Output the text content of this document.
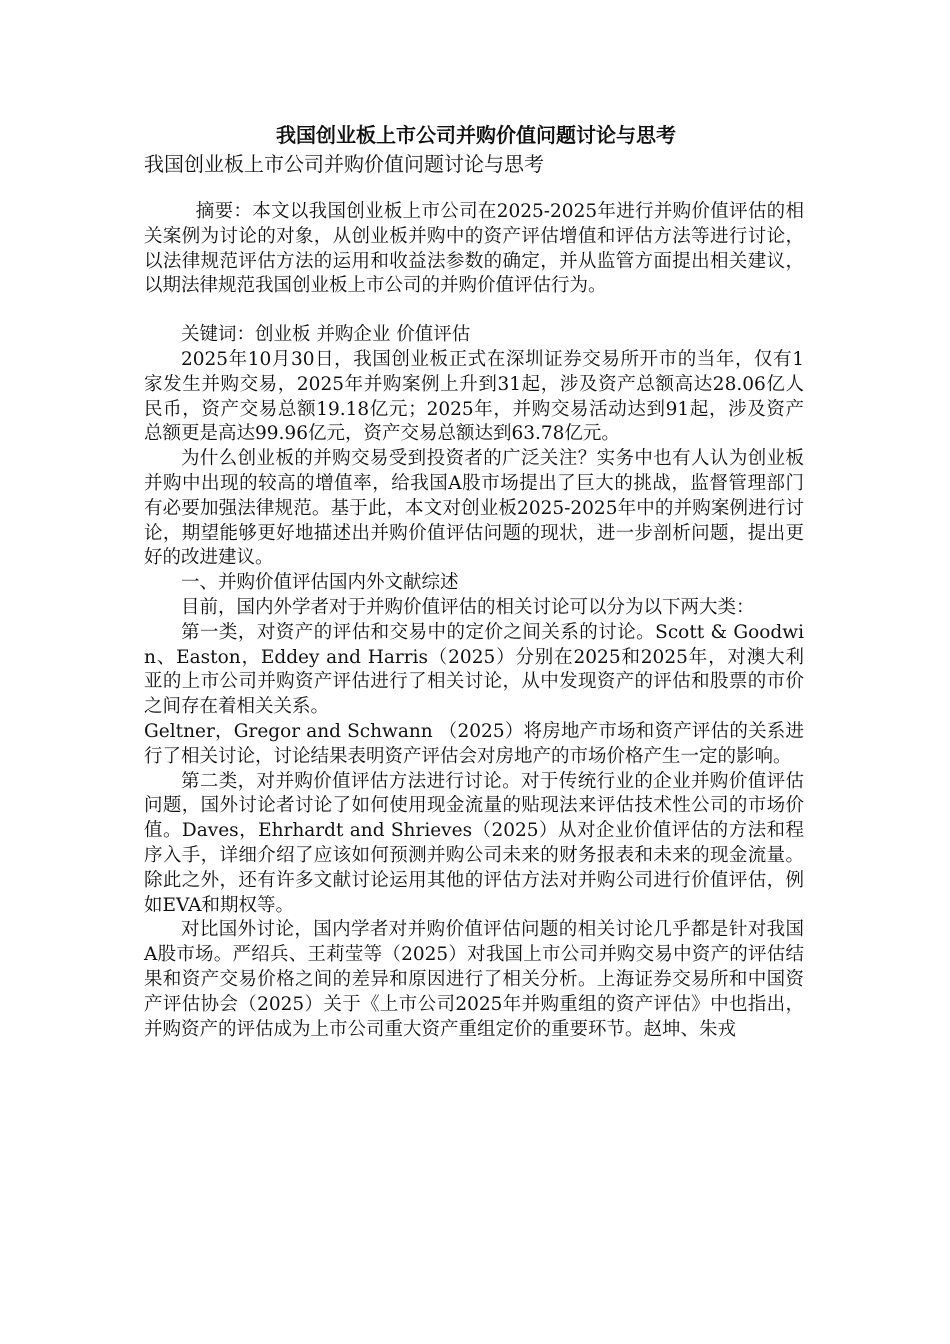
我国创业板上市公司并购价值问题讨论与思考

我国创业板上市公司并购价值问题讨论与思考

摘要：本文以我国创业板上市公司在2025-2025年进行并购价值评估的相关案例为讨论的对象，从创业板并购中的资产评估增值和评估方法等进行讨论，以法律规范评估方法的运用和收益法参数的确定，并从监管方面提出相关建议，以期法律规范我国创业板上市公司的并购价值评估行为。

关键词：创业板 并购企业 价值评估

2025年10月30日，我国创业板正式在深圳证券交易所开市的当年，仅有1家发生并购交易，2025年并购案例上升到31起，涉及资产总额高达28.06亿人民币，资产交易总额19.18亿元；2025年，并购交易活动达到91起，涉及资产总额更是高达99.96亿元，资产交易总额达到63.78亿元。

为什么创业板的并购交易受到投资者的广泛关注？实务中也有人认为创业板并购中出现的较高的增值率，给我国A股市场提出了巨大的挑战，监督管理部门有必要加强法律规范。基于此，本文对创业板2025-2025年中的并购案例进行讨论，期望能够更好地描述出并购价值评估问题的现状，进一步剖析问题，提出更好的改进建议。

一、并购价值评估国内外文献综述

目前，国内外学者对于并购价值评估的相关讨论可以分为以下两大类：

第一类，对资产的评估和交易中的定价之间关系的讨论。Scott & Goodwin、Easton，Eddey and Harris（2025）分别在2025和2025年，对澳大利亚的上市公司并购资产评估进行了相关讨论，从中发现资产的评估和股票的市价之间存在着相关关系。

Geltner，Gregor and Schwann （2025）将房地产市场和资产评估的关系进行了相关讨论，讨论结果表明资产评估会对房地产的市场价格产生一定的影响。

第二类，对并购价值评估方法进行讨论。对于传统行业的企业并购价值评估问题，国外讨论者讨论了如何使用现金流量的贴现法来评估技术性公司的市场价值。Daves，Ehrhardt and Shrieves（2025）从对企业价值评估的方法和程序入手，详细介绍了应该如何预测并购公司未来的财务报表和未来的现金流量。除此之外，还有许多文献讨论运用其他的评估方法对并购公司进行价值评估，例如EVA和期权等。

对比国外讨论，国内学者对并购价值评估问题的相关讨论几乎都是针对我国A股市场。严绍兵、王莉莹等（2025）对我国上市公司并购交易中资产的评估结果和资产交易价格之间的差异和原因进行了相关分析。上海证券交易所和中国资产评估协会（2025）关于《上市公司2025年并购重组的资产评估》中也指出，并购资产的评估成为上市公司重大资产重组定价的重要环节。赵坤、朱戎
